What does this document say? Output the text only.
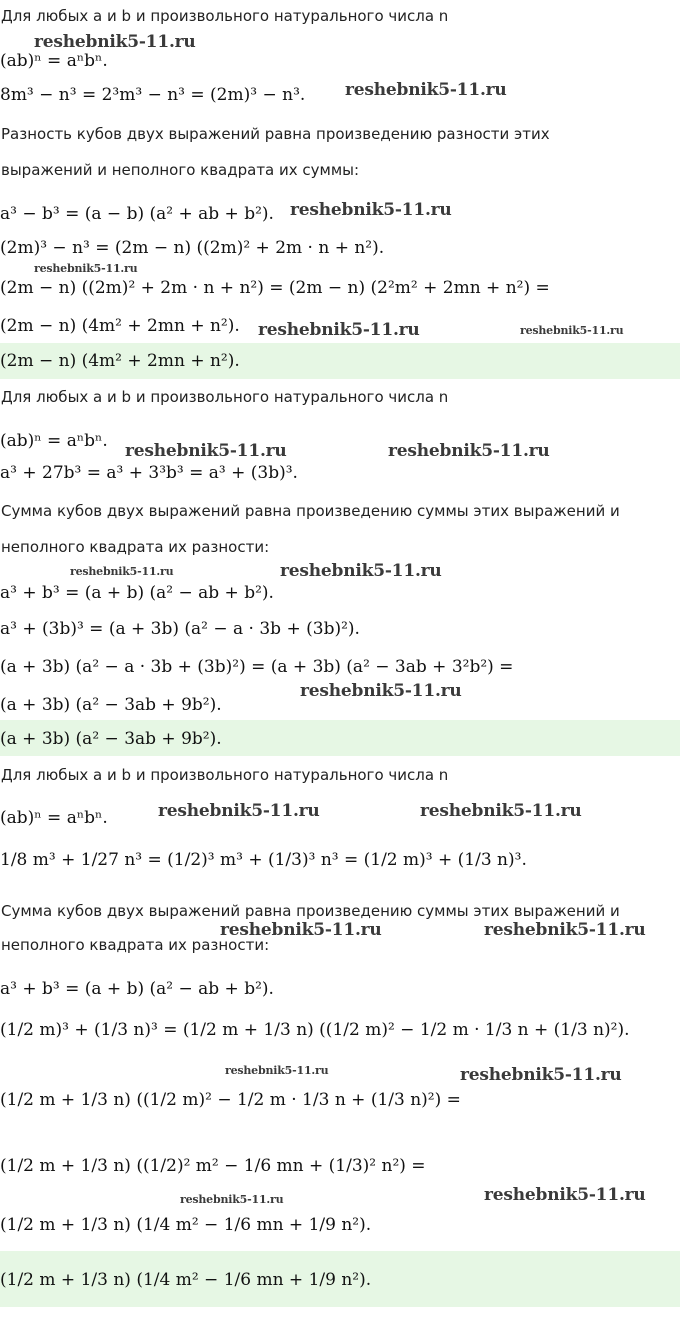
Для любых a и b и произвольного натурального числа n
(ab)ⁿ = aⁿbⁿ.
8m³ − n³ = 2³m³ − n³ = (2m)³ − n³.
Разность кубов двух выражений равна произведению разности этих
выражений и неполного квадрата их суммы:
a³ − b³ = (a − b) (a² + ab + b²).
(2m)³ − n³ = (2m − n) ((2m)² + 2m · n + n²).
(2m − n) ((2m)² + 2m · n + n²) = (2m − n) (2²m² + 2mn + n²) =
(2m − n) (4m² + 2mn + n²).
(2m − n) (4m² + 2mn + n²).
Для любых a и b и произвольного натурального числа n
(ab)ⁿ = aⁿbⁿ.
a³ + 27b³ = a³ + 3³b³ = a³ + (3b)³.
Сумма кубов двух выражений равна произведению суммы этих выражений и
неполного квадрата их разности:
a³ + b³ = (a + b) (a² − ab + b²).
a³ + (3b)³ = (a + 3b) (a² − a · 3b + (3b)²).
(a + 3b) (a² − a · 3b + (3b)²) = (a + 3b) (a² − 3ab + 3²b²) =
(a + 3b) (a² − 3ab + 9b²).
(a + 3b) (a² − 3ab + 9b²).
Для любых a и b и произвольного натурального числа n
(ab)ⁿ = aⁿbⁿ.
1/8 m³ + 1/27 n³ = (1/2)³ m³ + (1/3)³ n³ = (1/2 m)³ + (1/3 n)³.
Сумма кубов двух выражений равна произведению суммы этих выражений и
неполного квадрата их разности:
a³ + b³ = (a + b) (a² − ab + b²).
(1/2 m)³ + (1/3 n)³ = (1/2 m + 1/3 n) ((1/2 m)² − 1/2 m · 1/3 n + (1/3 n)²).
(1/2 m + 1/3 n) ((1/2 m)² − 1/2 m · 1/3 n + (1/3 n)²) =
(1/2 m + 1/3 n) ((1/2)² m² − 1/6 mn + (1/3)² n²) =
(1/2 m + 1/3 n) (1/4 m² − 1/6 mn + 1/9 n²).
(1/2 m + 1/3 n) (1/4 m² − 1/6 mn + 1/9 n²).
reshebnik5-11.ru
reshebnik5-11.ru
reshebnik5-11.ru
reshebnik5-11.ru
reshebnik5-11.ru	reshebnik5-11.ru
reshebnik5-11.ru	reshebnik5-11.ru
reshebnik5-11.ru	reshebnik5-11.ru
reshebnik5-11.ru
reshebnik5-11.ru	reshebnik5-11.ru
reshebnik5-11.ru	reshebnik5-11.ru
reshebnik5-11.ru	reshebnik5-11.ru
reshebnik5-11.ru
reshebnik5-11.ru
